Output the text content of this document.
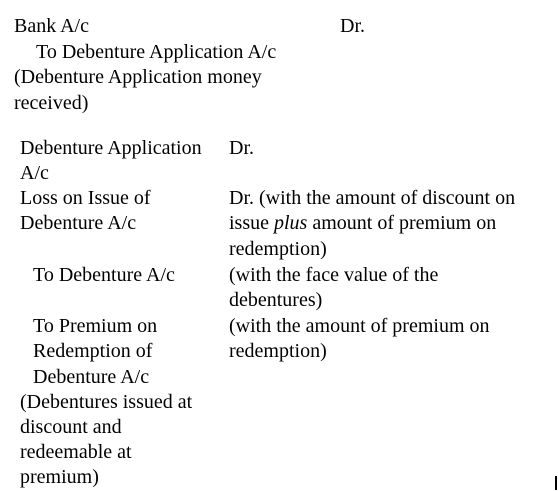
Bank A/c	Dr.
To Debenture Application A/c
(Debenture Application money
received)
Debenture Application Dr.
A/c
Loss on Issue of
Debenture A/c
Dr. (with the amount of discount on
issue plus amount of premium on
redemption)
To Debenture A/c	(with the face value of the
debentures)
To Premium on
Redemption of
Debenture A/c
(with the amount of premium on
redemption)
(Debentures issued at
discount and
redeemable at
premium)
